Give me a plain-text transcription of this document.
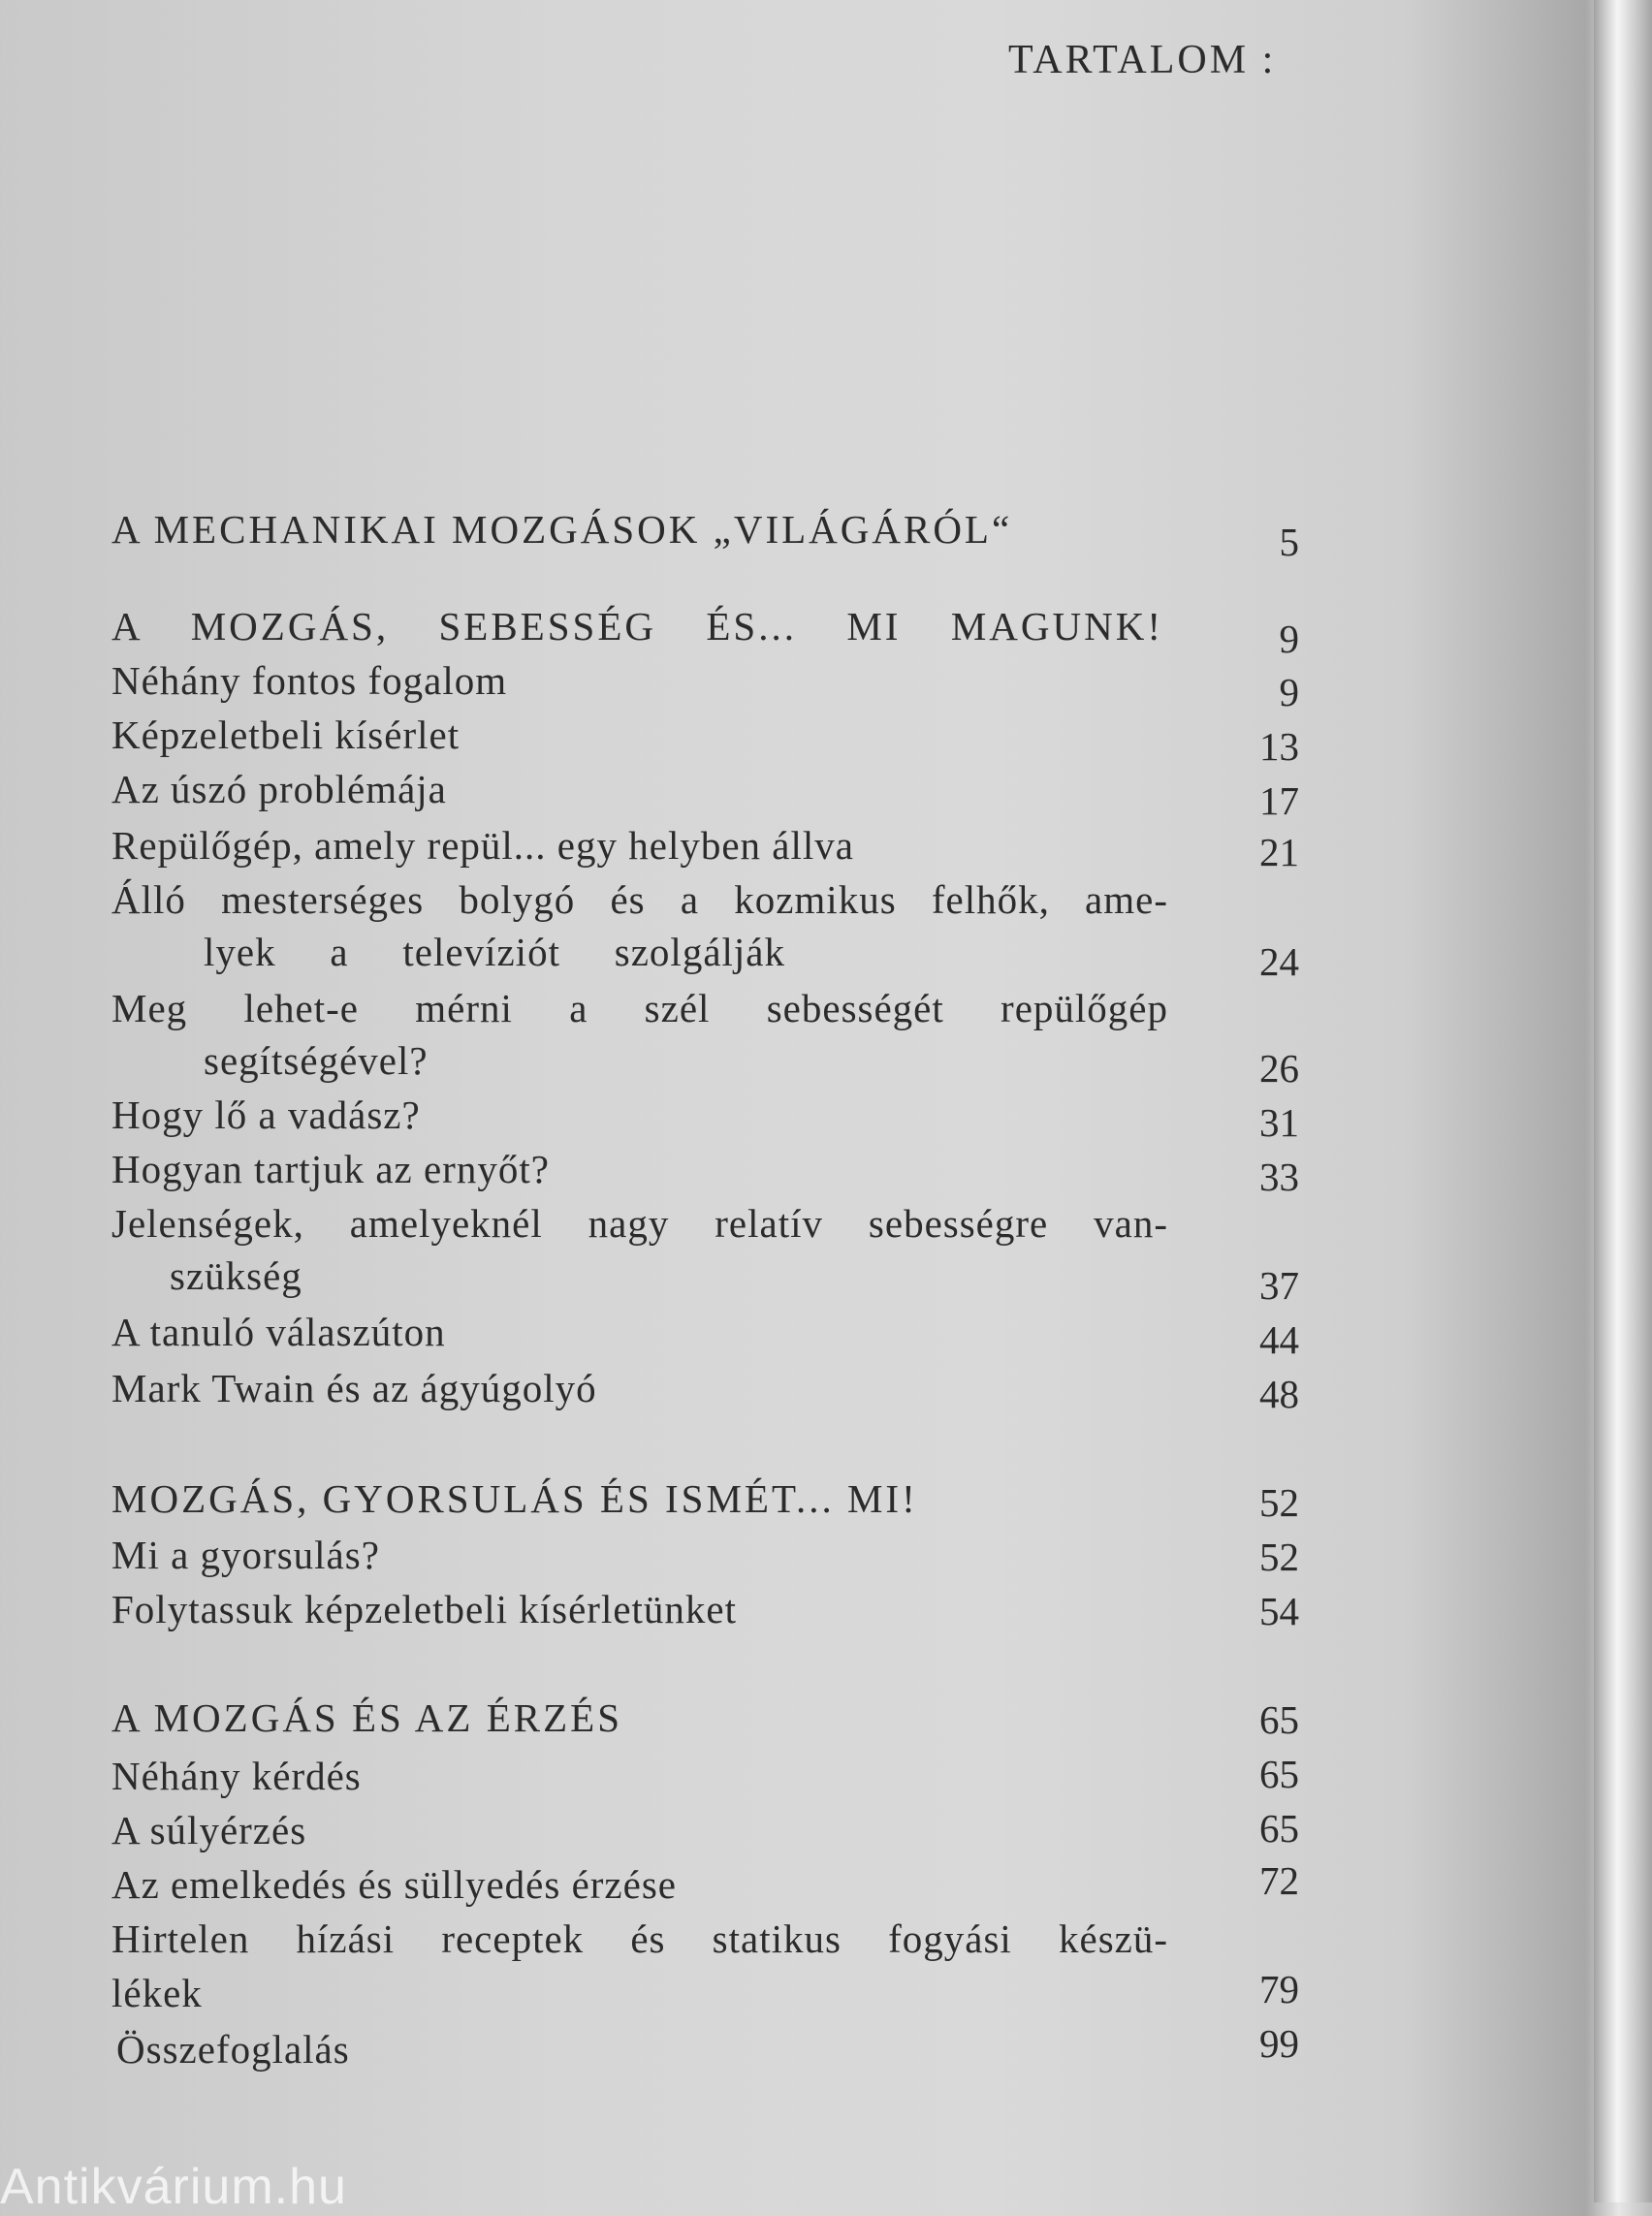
TARTALOM :
A MECHANIKAI MOZGÁSOK „VILÁGÁRÓL“	5
A MOZGÁS, SEBESSÉG ÉS... MI MAGUNK!	9
Néhány fontos fogalom	9
Képzeletbeli kísérlet	13
Az úszó problémája	17
Repülőgép, amely repül... egy helyben állva	21
Álló mesterséges bolygó és a kozmikus felhők, ame-
lyek a televíziót szolgálják	24
Meg lehet-e mérni a szél sebességét repülőgép
segítségével?	26
Hogy lő a vadász?	31
Hogyan tartjuk az ernyőt?	33
Jelenségek, amelyeknél nagy relatív sebességre van-
szükség	37
A tanuló válaszúton	44
Mark Twain és az ágyúgolyó	48
MOZGÁS, GYORSULÁS ÉS ISMÉT... MI!	52
Mi a gyorsulás?	52
Folytassuk képzeletbeli kísérletünket	54
A MOZGÁS ÉS AZ ÉRZÉS	65
Néhány kérdés	65
A súlyérzés	65
Az emelkedés és süllyedés érzése	72
Hirtelen hízási receptek és statikus fogyási készü-
lékek	79
Összefoglalás	99
Antikvárium.hu
